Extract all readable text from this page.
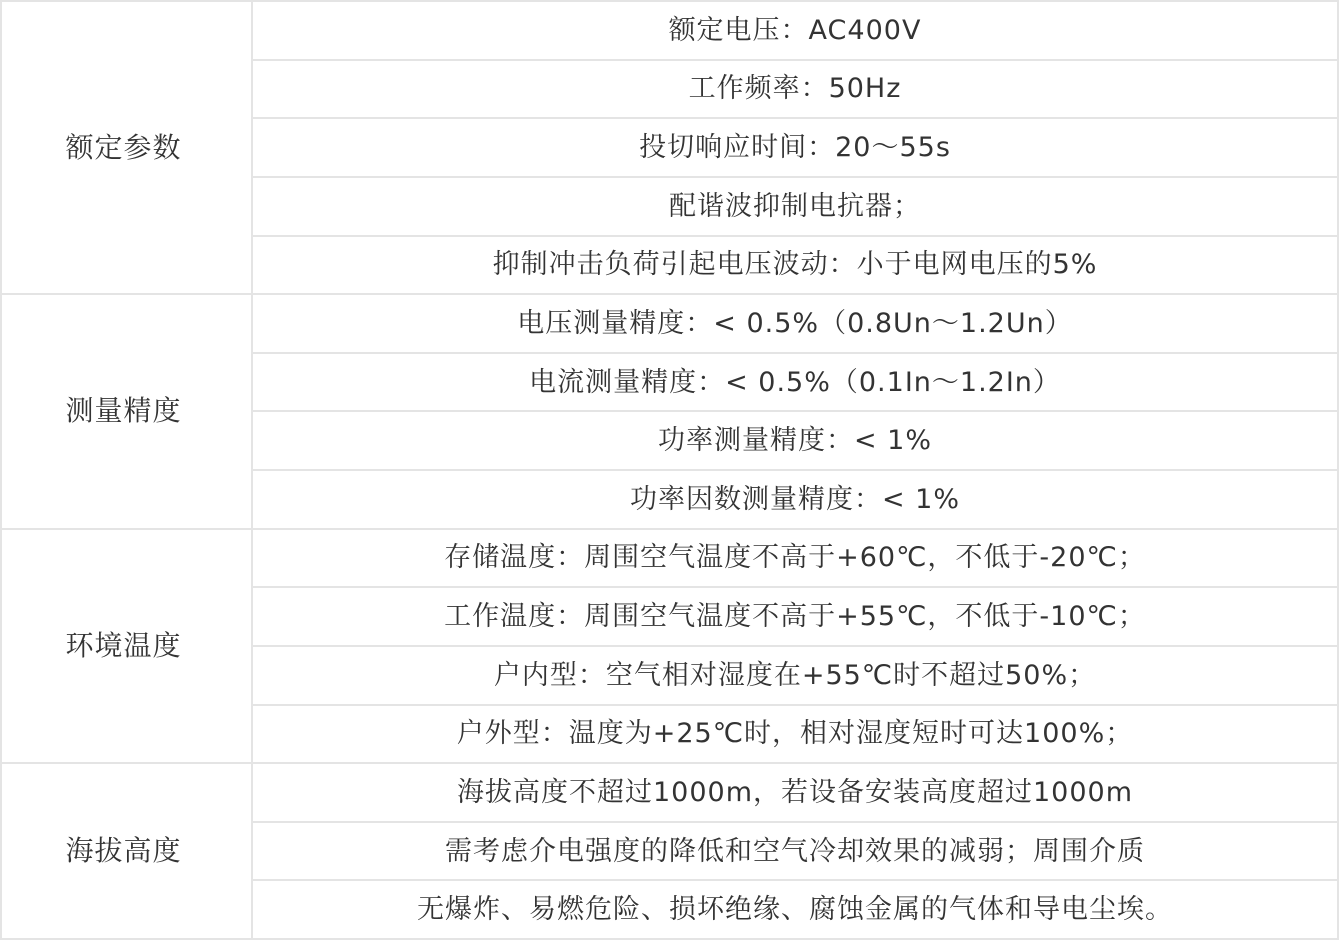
额定参数	额定电压：AC400V
	工作频率：50Hz
	投切响应时间：20～55s
	配谐波抑制电抗器；
	抑制冲击负荷引起电压波动：小于电网电压的5%
测量精度	电压测量精度：< 0.5%（0.8Un～1.2Un）
	电流测量精度：< 0.5%（0.1In～1.2In）
	功率测量精度：< 1%
	功率因数测量精度：< 1%
环境温度	存储温度：周围空气温度不高于+60℃，不低于-20℃；
	工作温度：周围空气温度不高于+55℃，不低于-10℃；
	户内型：空气相对湿度在+55℃时不超过50%；
	户外型：温度为+25℃时，相对湿度短时可达100%；
海拔高度	海拔高度不超过1000m，若设备安装高度超过1000m
	需考虑介电强度的降低和空气冷却效果的减弱；周围介质
	无爆炸、易燃危险、损坏绝缘、腐蚀金属的气体和导电尘埃。
